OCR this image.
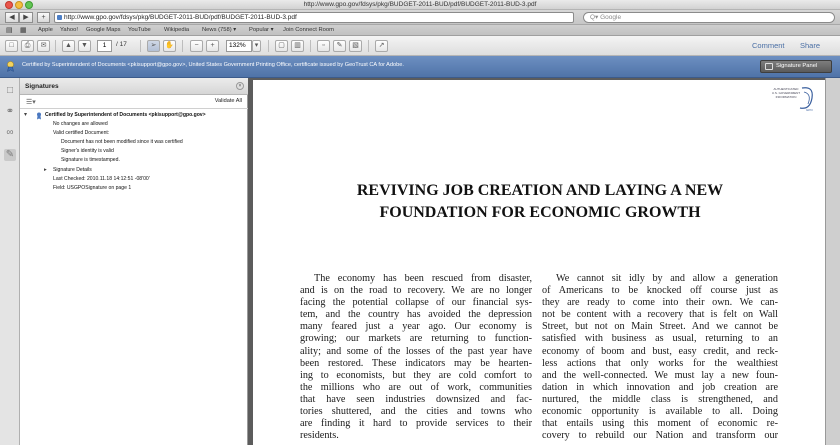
http://www.gpo.gov/fdsys/pkg/BUDGET-2011-BUD/pdf/BUDGET-2011-BUD-3.pdf
◀	▶	+	http://www.gpo.gov/fdsys/pkg/BUDGET-2011-BUD/pdf/BUDGET-2011-BUD-3.pdf	Q▾ Google
▤ ▦ Apple Yahoo! Google Maps YouTube Wikipedia News (758) ▾ Popular ▾ Join Connect Room
□	⎙	✉	▲	▼	1	/ 17	➢	✋	−	+	132%	▾	▢	▥	▫	✎	▧	↗	Comment Share
Certified by Superintendent of Documents <pkisupport@gpo.gov>, United States Government Printing Office, certificate issued by GeoTrust CA for Adobe.	Signature Panel
□
⚭
∞
✎
Signatures	×
☰▾	Validate All
▾	Certified by Superintendent of Documents <pkisupport@gpo.gov>
No changes are allowed
Valid certified Document:
Document has not been modified since it was certified
Signer's identity is valid
Signature is timestamped.
▸ Signature Details
Last Checked: 2010.11.18 14:12:51 -08'00'
Field: USGPOSignature on page 1
AUTHENTICATED
U.S. GOVERNMENT
INFORMATION
GPO
REVIVING JOB CREATION AND LAYING A NEW
FOUNDATION FOR ECONOMIC GROWTH
The economy has been rescued from disaster,
and is on the road to recovery. We are no longer
facing the potential collapse of our financial sys-
tem, and the country has avoided the depression
many feared just a year ago. Our economy is
growing; our markets are returning to function-
ality; and some of the losses of the past year have
been restored. These indicators may be hearten-
ing to economists, but they are cold comfort to
the millions who are out of work, communities
that have seen industries downsized and fac-
tories shuttered, and the cities and towns who
are finding it hard to provide services to their
residents.
We cannot sit idly by and allow a generation
of Americans to be knocked off course just as
they are ready to come into their own. We can-
not be content with a recovery that is felt on Wall
Street, but not on Main Street. And we cannot be
satisfied with business as usual, returning to an
economy of boom and bust, easy credit, and reck-
less actions that only works for the wealthiest
and the well-connected. We must lay a new foun-
dation in which innovation and job creation are
nurtured, the middle class is strengthened, and
economic opportunity is available to all. Doing
that entails using this moment of economic re-
covery to rebuild our Nation and transform our
